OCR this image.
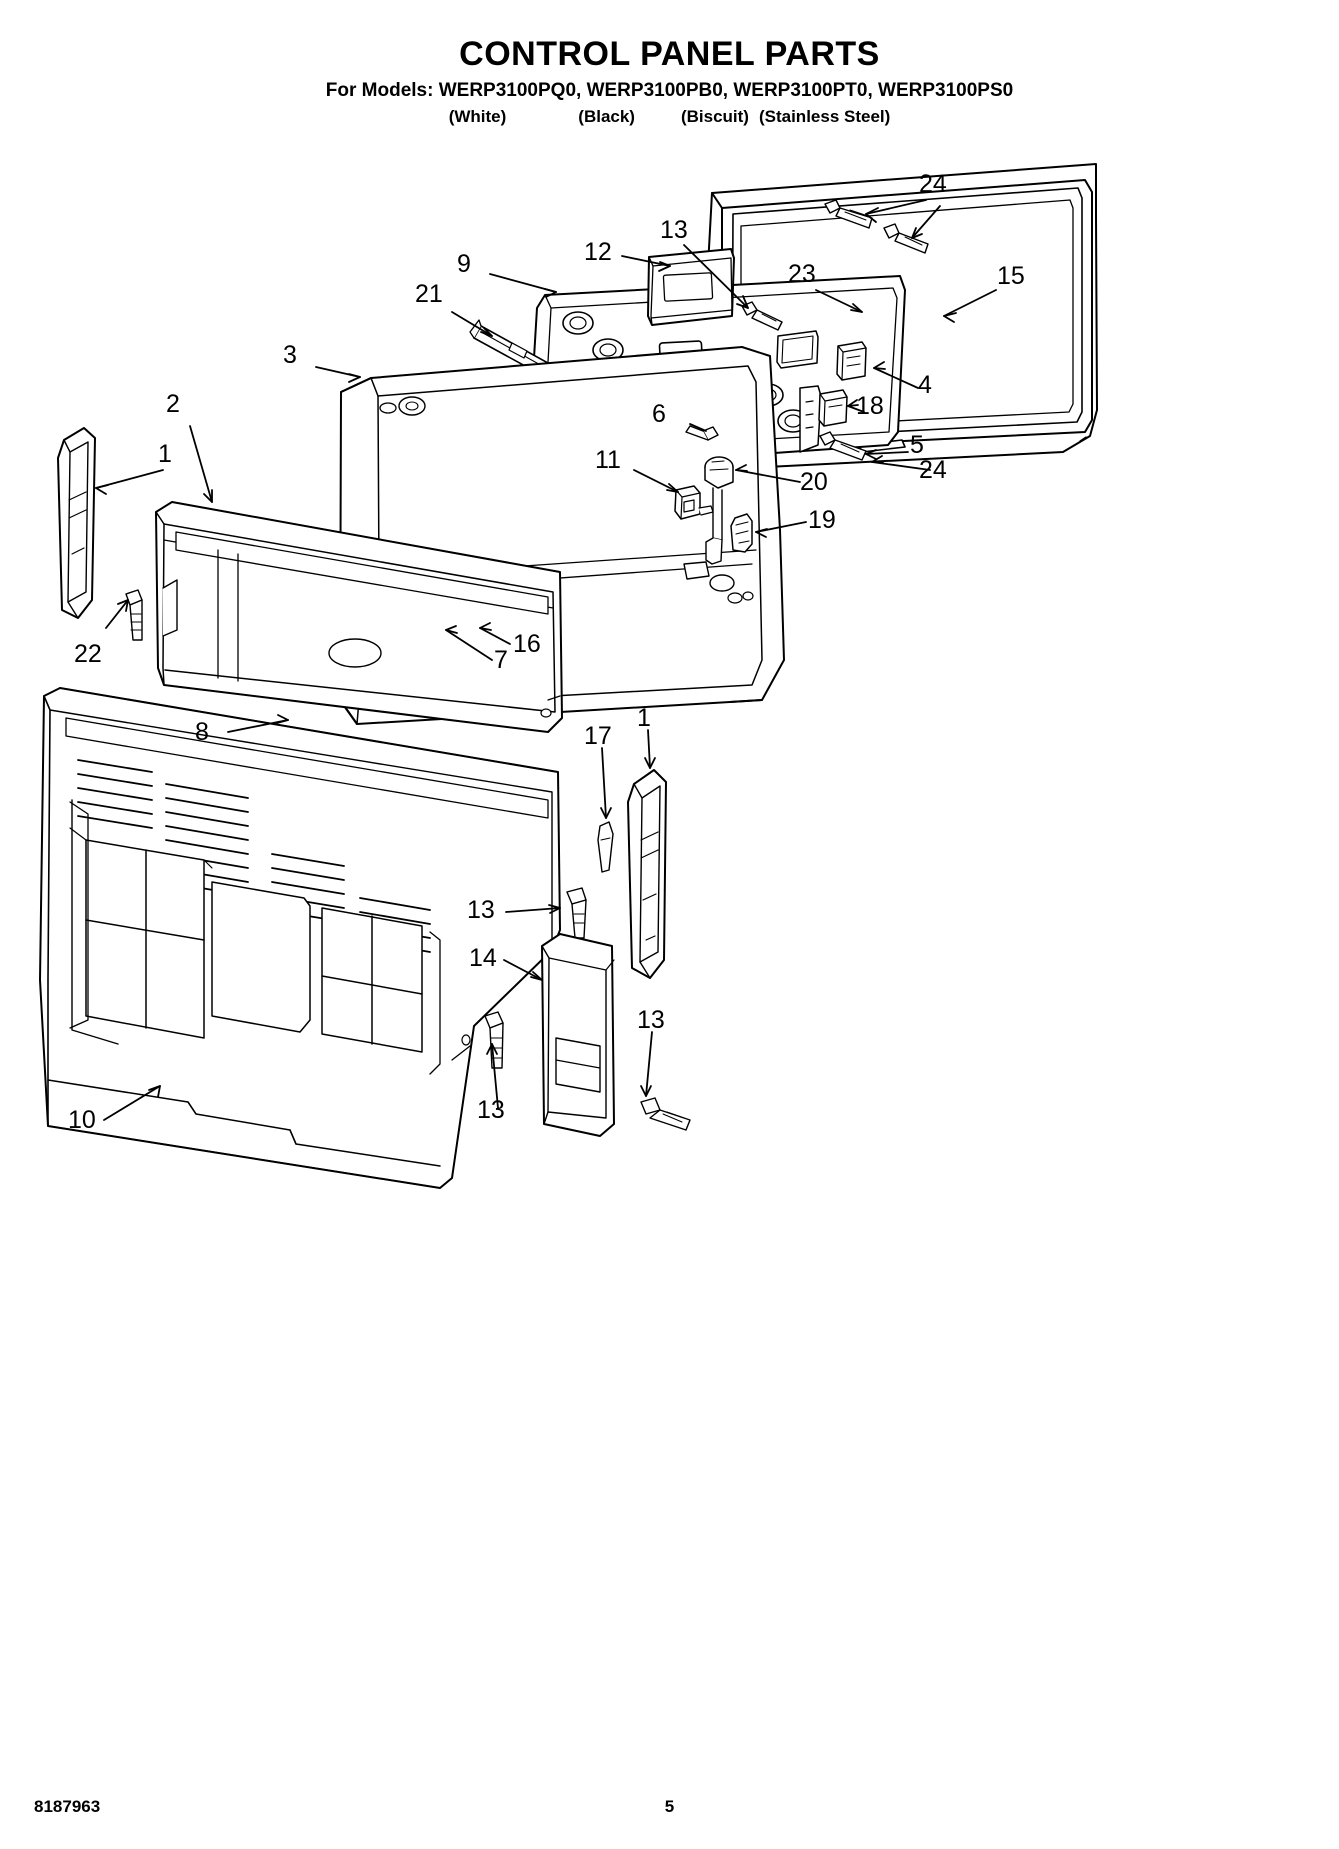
CONTROL PANEL PARTS
For Models: WERP3100PQ0, WERP3100PB0, WERP3100PT0, WERP3100PS0
(White)	(Black)	(Biscuit) (Stainless Steel)
24
13
12
23	15
9
21
3
4
2	18
6
1	5
24
11
20
19
22	16
7
8	17
1
13
14
13
13
10
8187963	5
